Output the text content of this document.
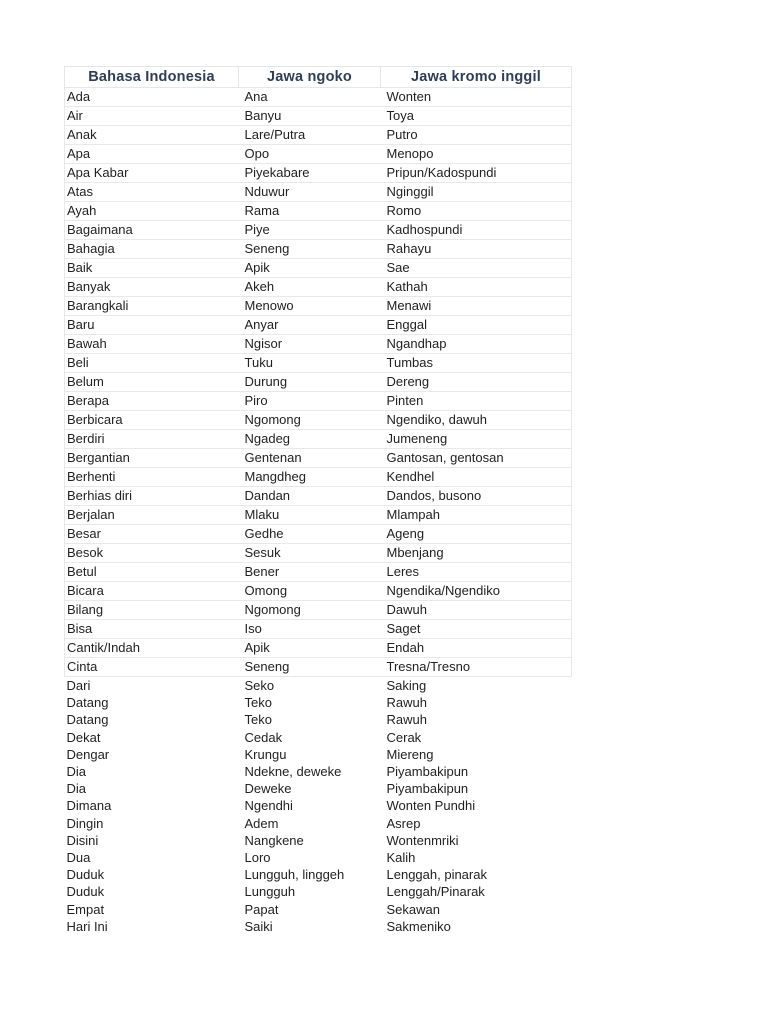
Bahasa Indonesia	Jawa ngoko	Jawa kromo inggil
Ada	Ana	Wonten
Air	Banyu	Toya
Anak	Lare/Putra	Putro
Apa	Opo	Menopo
Apa Kabar	Piyekabare	Pripun/Kadospundi
Atas	Nduwur	Nginggil
Ayah	Rama	Romo
Bagaimana	Piye	Kadhospundi
Bahagia	Seneng	Rahayu
Baik	Apik	Sae
Banyak	Akeh	Kathah
Barangkali	Menowo	Menawi
Baru	Anyar	Enggal
Bawah	Ngisor	Ngandhap
Beli	Tuku	Tumbas
Belum	Durung	Dereng
Berapa	Piro	Pinten
Berbicara	Ngomong	Ngendiko, dawuh
Berdiri	Ngadeg	Jumeneng
Bergantian	Gentenan	Gantosan, gentosan
Berhenti	Mangdheg	Kendhel
Berhias diri	Dandan	Dandos, busono
Berjalan	Mlaku	Mlampah
Besar	Gedhe	Ageng
Besok	Sesuk	Mbenjang
Betul	Bener	Leres
Bicara	Omong	Ngendika/Ngendiko
Bilang	Ngomong	Dawuh
Bisa	Iso	Saget
Cantik/Indah	Apik	Endah
Cinta	Seneng	Tresna/Tresno
Dari	Seko	Saking
Datang	Teko	Rawuh
Datang	Teko	Rawuh
Dekat	Cedak	Cerak
Dengar	Krungu	Miereng
Dia	Ndekne, deweke	Piyambakipun
Dia	Deweke	Piyambakipun
Dimana	Ngendhi	Wonten Pundhi
Dingin	Adem	Asrep
Disini	Nangkene	Wontenmriki
Dua	Loro	Kalih
Duduk	Lungguh, linggeh	Lenggah, pinarak
Duduk	Lungguh	Lenggah/Pinarak
Empat	Papat	Sekawan
Hari Ini	Saiki	Sakmeniko
